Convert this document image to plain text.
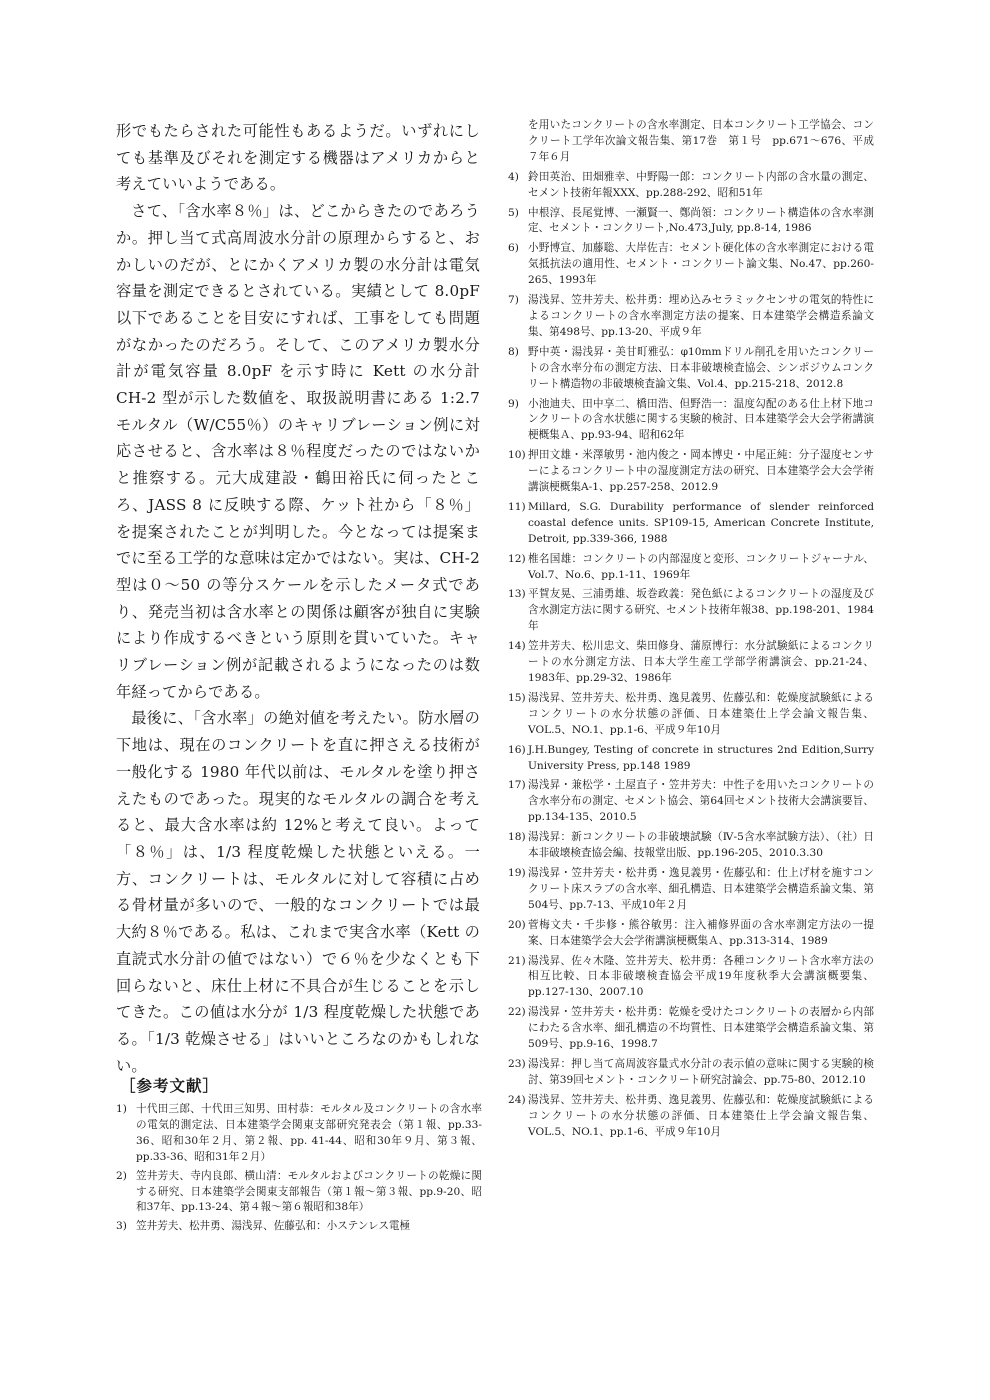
形でもたらされた可能性もあるようだ。いずれにしても基準及びそれを測定する機器はアメリカからと考えていいようである。

さて、「含水率８％」は、どこからきたのであろうか。押し当て式高周波水分計の原理からすると、おかしいのだが、とにかくアメリカ製の水分計は電気容量を測定できるとされている。実績として 8.0pF 以下であることを目安にすれば、工事をしても問題がなかったのだろう。そして、このアメリカ製水分計が電気容量 8.0pF を示す時に Kett の水分計 CH-2 型が示した数値を、取扱説明書にある 1:2.7 モルタル（W/C55％）のキャリブレーション例に対応させると、含水率は８％程度だったのではないかと推察する。元大成建設・鶴田裕氏に伺ったところ、JASS 8 に反映する際、ケット社から「８％」を提案されたことが判明した。今となっては提案までに至る工学的な意味は定かではない。実は、CH-2 型は０～50 の等分スケールを示したメータ式であり、発売当初は含水率との関係は顧客が独自に実験により作成するべきという原則を貫いていた。キャリブレーション例が記載されるようになったのは数年経ってからである。

最後に、「含水率」の絶対値を考えたい。防水層の下地は、現在のコンクリートを直に押さえる技術が一般化する 1980 年代以前は、モルタルを塗り押さえたものであった。現実的なモルタルの調合を考えると、最大含水率は約 12%と考えて良い。よって「８％」は、1/3 程度乾燥した状態といえる。一方、コンクリートは、モルタルに対して容積に占める骨材量が多いので、一般的なコンクリートでは最大約８％である。私は、これまで実含水率（Kett の直読式水分計の値ではない）で６％を少なくとも下回らないと、床仕上材に不具合が生じることを示してきた。この値は水分が 1/3 程度乾燥した状態である。「1/3 乾燥させる」はいいところなのかもしれない。

［参考文献］

1) 十代田三郎、十代田三知男、田村恭：モルタル及コンクリートの含水率の電気的測定法、日本建築学会関東支部研究発表会（第１報、pp.33-36、昭和30年２月、第２報、pp. 41-44、昭和30年９月、第３報、pp.33-36、昭和31年２月）
2) 笠井芳夫、寺内良郎、横山清：モルタルおよびコンクリートの乾燥に関する研究、日本建築学会関東支部報告（第１報～第３報、pp.9-20、昭和37年、pp.13-24、第４報～第６報昭和38年）
3) 笠井芳夫、松井勇、湯浅昇、佐藤弘和：小ステンレス電極
を用いたコンクリートの含水率測定、日本コンクリート工学協会、コンクリート工学年次論文報告集、第17巻　第１号　pp.671～676、平成７年６月
4) 鈴田英治、田畑雅幸、中野陽一郎：コンクリート内部の含水量の測定、セメント技術年報XXX、pp.288-292、昭和51年
5) 中根淳、長尾覚博、一瀬賢一、鄭尚領：コンクリート構造体の含水率測定、セメント・コンクリート,No.473,July, pp.8-14, 1986
6) 小野博宣、加藤聡、大岸佐吉：セメント硬化体の含水率測定における電気抵抗法の適用性、セメント・コンクリート論文集、No.47、pp.260-265、1993年
7) 湯浅昇、笠井芳夫、松井勇：埋め込みセラミックセンサの電気的特性によるコンクリートの含水率測定方法の提案、日本建築学会構造系論文集、第498号、pp.13-20、平成９年
8) 野中英・湯浅昇・美甘町雅弘：φ10mmドリル削孔を用いたコンクリートの含水率分布の測定方法、日本非破壊検査協会、シンポジウムコンクリート構造物の非破壊検査論文集、Vol.4、pp.215-218、2012.8
9) 小池迪夫、田中享二、橋田浩、但野浩一：温度勾配のある仕上材下地コンクリートの含水状態に関する実験的検討、日本建築学会大会学術講演梗概集Ａ、pp.93-94、昭和62年
10) 押田文雄・米澤敏男・池内俊之・岡本博史・中尾正純：分子湿度センサーによるコンクリート中の湿度測定方法の研究、日本建築学会大会学術講演梗概集A-1、pp.257-258、2012.9
11) Millard, S.G. Durability performance of slender reinforced coastal defence units. SP109-15, American Concrete Institute, Detroit, pp.339-366, 1988
12) 椎名国雄：コンクリートの内部湿度と変形、コンクリートジャーナル、Vol.7、No.6、pp.1-11、1969年
13) 平賀友晃、三浦勇雄、坂巻政義：発色紙によるコンクリートの湿度及び含水測定方法に関する研究、セメント技術年報38、pp.198-201、1984年
14) 笠井芳夫、松川忠文、柴田修身、蒲原博行：水分試験紙によるコンクリートの水分測定方法、日本大学生産工学部学術講演会、pp.21-24、1983年、pp.29-32、1986年
15) 湯浅昇、笠井芳夫、松井勇、逸見義男、佐藤弘和：乾燥度試験紙によるコンクリートの水分状態の評価、日本建築仕上学会論文報告集、VOL.5、NO.1、pp.1-6、平成９年10月
16) J.H.Bungey, Testing of concrete in structures 2nd Edition,Surry University Press, pp.148 1989
17) 湯浅昇・兼松学・土屋直子・笠井芳夫：中性子を用いたコンクリートの含水率分布の測定、セメント協会、第64回セメント技術大会講演要旨、pp.134-135、2010.5
18) 湯浅昇：新コンクリートの非破壊試験（Ⅳ-5含水率試験方法）、（社）日本非破壊検査協会編、技報堂出版、pp.196-205、2010.3.30
19) 湯浅昇・笠井芳夫・松井勇・逸見義男・佐藤弘和：仕上げ材を施すコンクリート床スラブの含水率、細孔構造、日本建築学会構造系論文集、第504号、pp.7-13、平成10年２月
20) 菅梅文夫・千歩修・熊谷敏男：注入補修界面の含水率測定方法の一提案、日本建築学会大会学術講演梗概集Ａ、pp.313-314、1989
21) 湯浅昇、佐々木隆、笠井芳夫、松井勇：各種コンクリート含水率方法の相互比較、日本非破壊検査協会平成19年度秋季大会講演概要集、pp.127-130、2007.10
22) 湯浅昇・笠井芳夫・松井勇：乾燥を受けたコンクリートの表層から内部にわたる含水率、細孔構造の不均質性、日本建築学会構造系論文集、第509号、pp.9-16、1998.7
23) 湯浅昇：押し当て高周波容量式水分計の表示値の意味に関する実験的検討、第39回セメント・コンクリート研究討論会、pp.75-80、2012.10
24) 湯浅昇、笠井芳夫、松井勇、逸見義男、佐藤弘和：乾燥度試験紙によるコンクリートの水分状態の評価、日本建築仕上学会論文報告集、VOL.5、NO.1、pp.1-6、平成９年10月
